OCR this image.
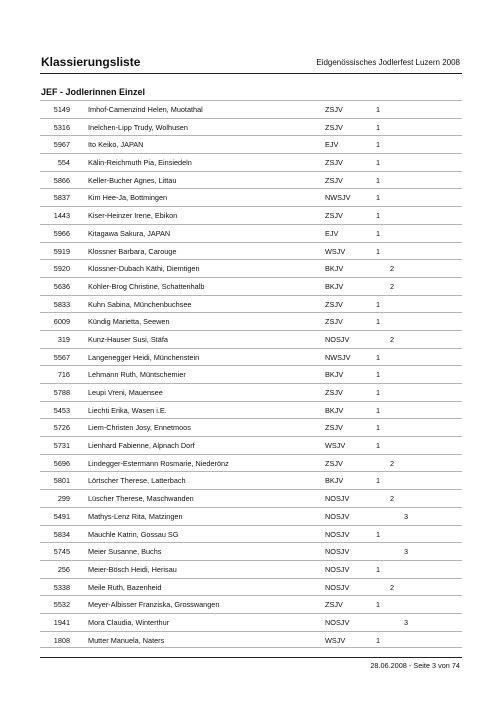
Klassierungsliste	Eidgenössisches Jodlerfest Luzern 2008
JEF - Jodlerinnen Einzel
5149 Imhof-Camenzind Helen, Muotathal	ZSJV	1
5316 Inelchen-Lipp Trudy, Wolhusen	ZSJV	1
5967 Ito Keiko, JAPAN	EJV	1
554 Kälin-Reichmuth Pia, Einsiedeln	ZSJV	1
5866 Keller-Bucher Agnes, Littau	ZSJV	1
5837 Kim Hee-Ja, Bottmingen	NWSJV	1
1443 Kiser-Heinzer Irene, Ebikon	ZSJV	1
5966 Kitagawa Sakura, JAPAN	EJV	1
5919 Klossner Barbara, Carouge	WSJV	1
5920 Klossner-Dubach Käthi, Diemtigen	BKJV	2
5636 Kohler-Brog Christine, Schattenhalb	BKJV	2
5833 Kuhn Sabina, Münchenbuchsee	ZSJV	1
6009 Kündig Marietta, Seewen	ZSJV	1
319 Kunz-Hauser Susi, Stäfa	NOSJV	2
5567 Langenegger Heidi, Münchenstein	NWSJV	1
716 Lehmann Ruth, Müntschemier	BKJV	1
5788 Leupi Vreni, Mauensee	ZSJV	1
5453 Liechti Erika, Wasen i.E.	BKJV	1
5726 Liem-Christen Josy, Ennetmoos	ZSJV	1
5731 Lienhard Fabienne, Alpnach Dorf	WSJV	1
5696 Lindegger-Estermann Rosmarie, Niederönz	ZSJV	2
5801 Lörtscher Therese, Latterbach	BKJV	1
299 Lüscher Therese, Maschwanden	NOSJV	2
5491 Mathys-Lenz Rita, Matzingen	NOSJV	3
5834 Mauchle Katrin, Gossau SG	NOSJV	1
5745 Meier Susanne, Buchs	NOSJV	3
256 Meier-Bösch Heidi, Herisau	NOSJV	1
5338 Meile Ruth, Bazenheid	NOSJV	2
5532 Meyer-Albisser Franziska, Grosswangen	ZSJV	1
1941 Mora Claudia, Winterthur	NOSJV	3
1808 Mutter Manuela, Naters	WSJV	1
28.06.2008 - Seite 3 von 74
